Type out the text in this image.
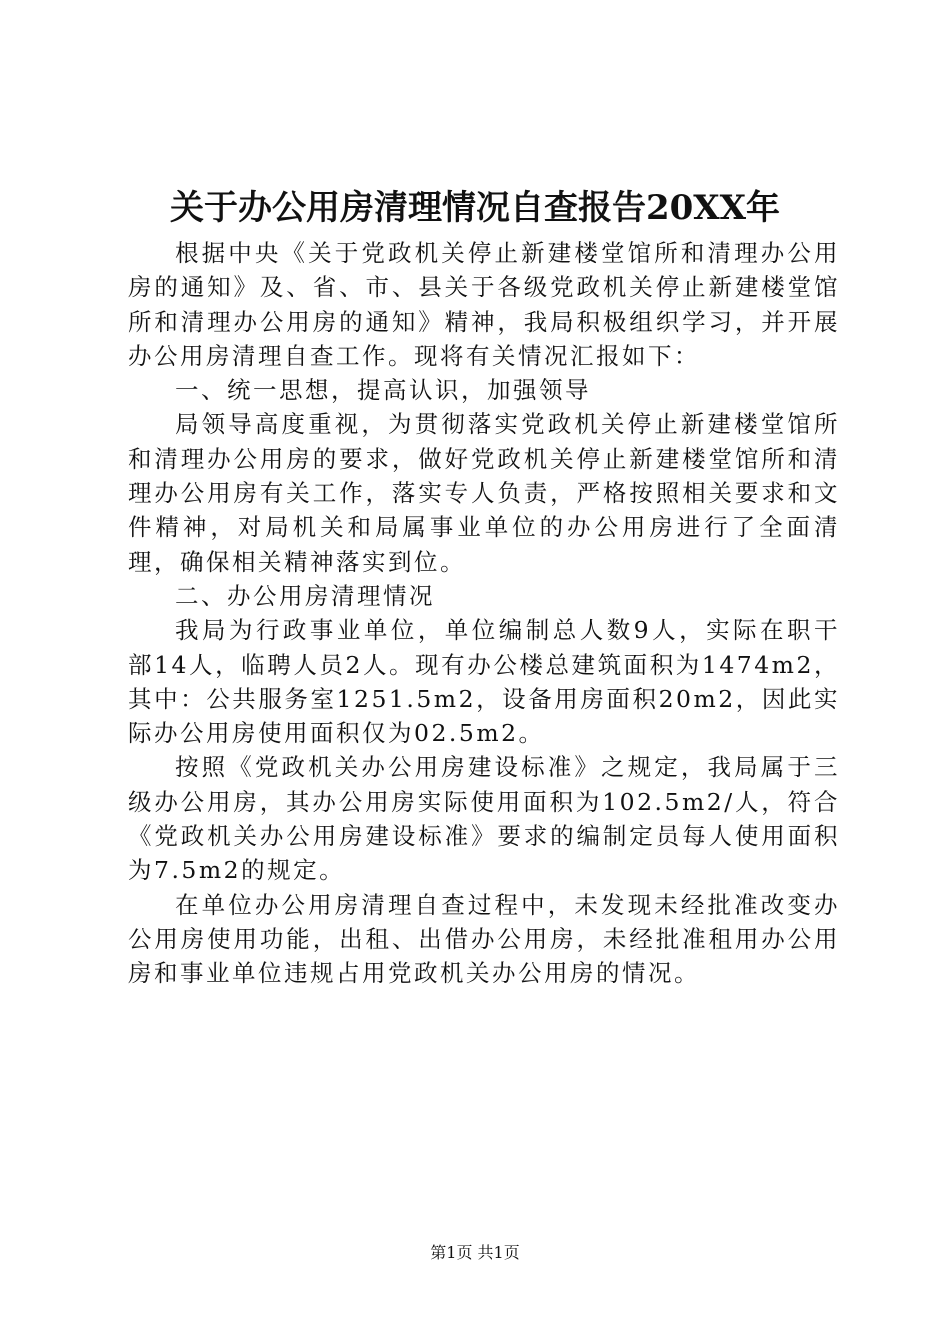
关于办公用房清理情况自查报告20XX年

根据中央《关于党政机关停止新建楼堂馆所和清理办公用房的通知》及、省、市、县关于各级党政机关停止新建楼堂馆所和清理办公用房的通知》精神，我局积极组织学习，并开展办公用房清理自查工作。现将有关情况汇报如下：

一、统一思想，提高认识，加强领导

局领导高度重视，为贯彻落实党政机关停止新建楼堂馆所和清理办公用房的要求，做好党政机关停止新建楼堂馆所和清理办公用房有关工作，落实专人负责，严格按照相关要求和文件精神，对局机关和局属事业单位的办公用房进行了全面清理，确保相关精神落实到位。

二、办公用房清理情况

我局为行政事业单位，单位编制总人数9人，实际在职干部14人，临聘人员2人。现有办公楼总建筑面积为1474m2，其中：公共服务室1251.5m2，设备用房面积20m2，因此实际办公用房使用面积仅为02.5m2。

按照《党政机关办公用房建设标准》之规定，我局属于三级办公用房，其办公用房实际使用面积为102.5m2/人，符合《党政机关办公用房建设标准》要求的编制定员每人使用面积为7.5m2的规定。

在单位办公用房清理自查过程中，未发现未经批准改变办公用房使用功能，出租、出借办公用房，未经批准租用办公用房和事业单位违规占用党政机关办公用房的情况。

第1页 共1页
